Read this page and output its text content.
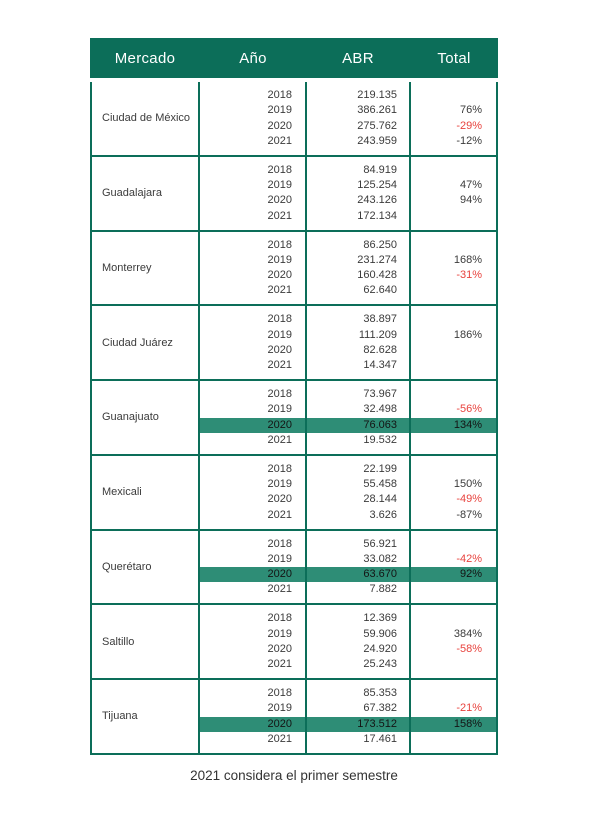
Mercado	Año	ABR	Total
Ciudad de México
2018	219.135
2019	386.261	76%
2020	275.762	-29%
2021	243.959	-12%
Guadalajara
2018	84.919
2019	125.254	47%
2020	243.126	94%
2021	172.134
Monterrey
2018	86.250
2019	231.274	168%
2020	160.428	-31%
2021	62.640
Ciudad Juárez
2018	38.897
2019	111.209	186%
2020	82.628
2021	14.347
Guanajuato
2018	73.967
2019	32.498	-56%
2020	76.063	134%
2021	19.532
Mexicali
2018	22.199
2019	55.458	150%
2020	28.144	-49%
2021	3.626	-87%
Querétaro
2018	56.921
2019	33.082	-42%
2020	63.670	92%
2021	7.882
Saltillo
2018	12.369
2019	59.906	384%
2020	24.920	-58%
2021	25.243
Tijuana
2018	85.353
2019	67.382	-21%
2020	173.512	158%
2021	17.461
2021 considera el primer semestre
